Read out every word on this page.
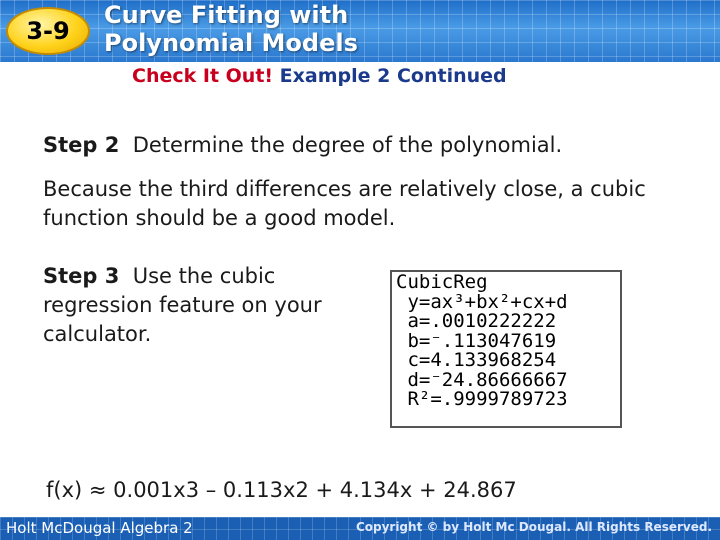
3-9
Curve Fitting with
Polynomial Models
Check It Out! Example 2 Continued
Step 2  Determine the degree of the polynomial.
Because the third differences are relatively close, a cubic function should be a good model.
Step 3  Use the cubic regression feature on your calculator.
CubicReg
y=ax³+bx²+cx+d
a=.0010222222
b=⁻.113047619
c=4.133968254
d=⁻24.86666667
R²=.9999789723
f(x) ≈ 0.001x3 – 0.113x2 + 4.134x + 24.867
Holt McDougal Algebra 2	Copyright © by Holt Mc Dougal. All Rights Reserved.
